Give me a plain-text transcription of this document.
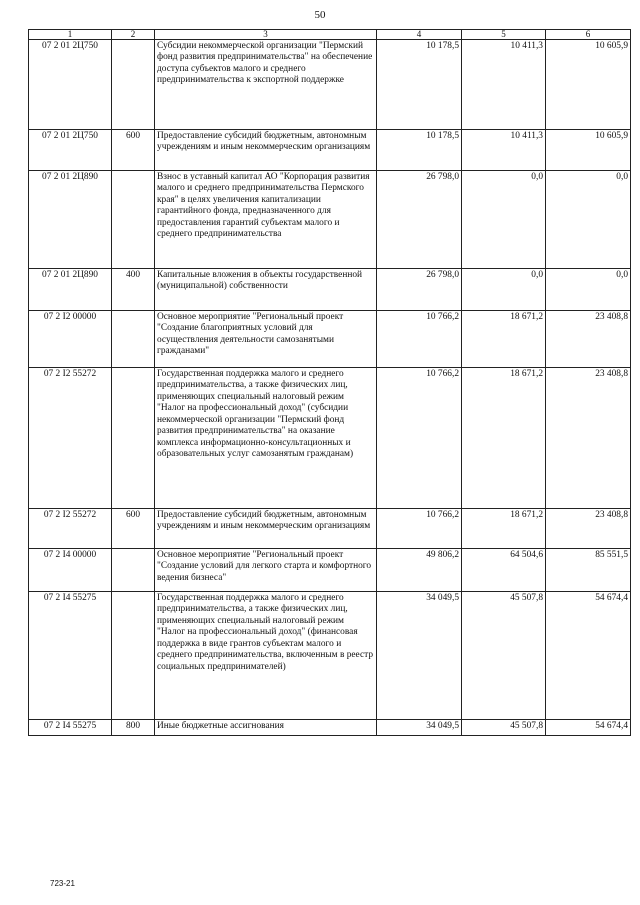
50
1	2	3	4	5	6
07 2 01 2Ц750		Субсидии некоммерческой организации "Пермский фонд развития предпринимательства" на обеспечение доступа субъектов малого и среднего предпринимательства к экспортной поддержке	10 178,5	10 411,3	10 605,9
07 2 01 2Ц750	600	Предоставление субсидий бюджетным, автономным учреждениям и иным некоммерческим организациям	10 178,5	10 411,3	10 605,9
07 2 01 2Ц890		Взнос в уставный капитал АО "Корпорация развития малого и среднего предпринимательства Пермского края" в целях увеличения капитализации гарантийного фонда, предназначенного для предоставления гарантий субъектам малого и среднего предпринимательства	26 798,0	0,0	0,0
07 2 01 2Ц890	400	Капитальные вложения в объекты государственной (муниципальной) собственности	26 798,0	0,0	0,0
07 2 I2 00000		Основное мероприятие "Региональный проект "Создание благоприятных условий для осуществления деятельности самозанятыми гражданами"	10 766,2	18 671,2	23 408,8
07 2 I2 55272		Государственная поддержка малого и среднего предпринимательства, а также физических лиц, применяющих специальный налоговый режим "Налог на профессиональный доход" (субсидии некоммерческой организации "Пермский фонд развития предпринимательства" на оказание комплекса информационно-консультационных и образовательных услуг самозанятым гражданам)	10 766,2	18 671,2	23 408,8
07 2 I2 55272	600	Предоставление субсидий бюджетным, автономным учреждениям и иным некоммерческим организациям	10 766,2	18 671,2	23 408,8
07 2 I4 00000		Основное мероприятие "Региональный проект "Создание условий для легкого старта и комфортного ведения бизнеса"	49 806,2	64 504,6	85 551,5
07 2 I4 55275		Государственная поддержка малого и среднего предпринимательства, а также физических лиц, применяющих специальный налоговый режим "Налог на профессиональный доход" (финансовая поддержка в виде грантов субъектам малого и среднего предпринимательства, включенным в реестр социальных предпринимателей)	34 049,5	45 507,8	54 674,4
07 2 I4 55275	800	Иные бюджетные ассигнования	34 049,5	45 507,8	54 674,4
723-21
